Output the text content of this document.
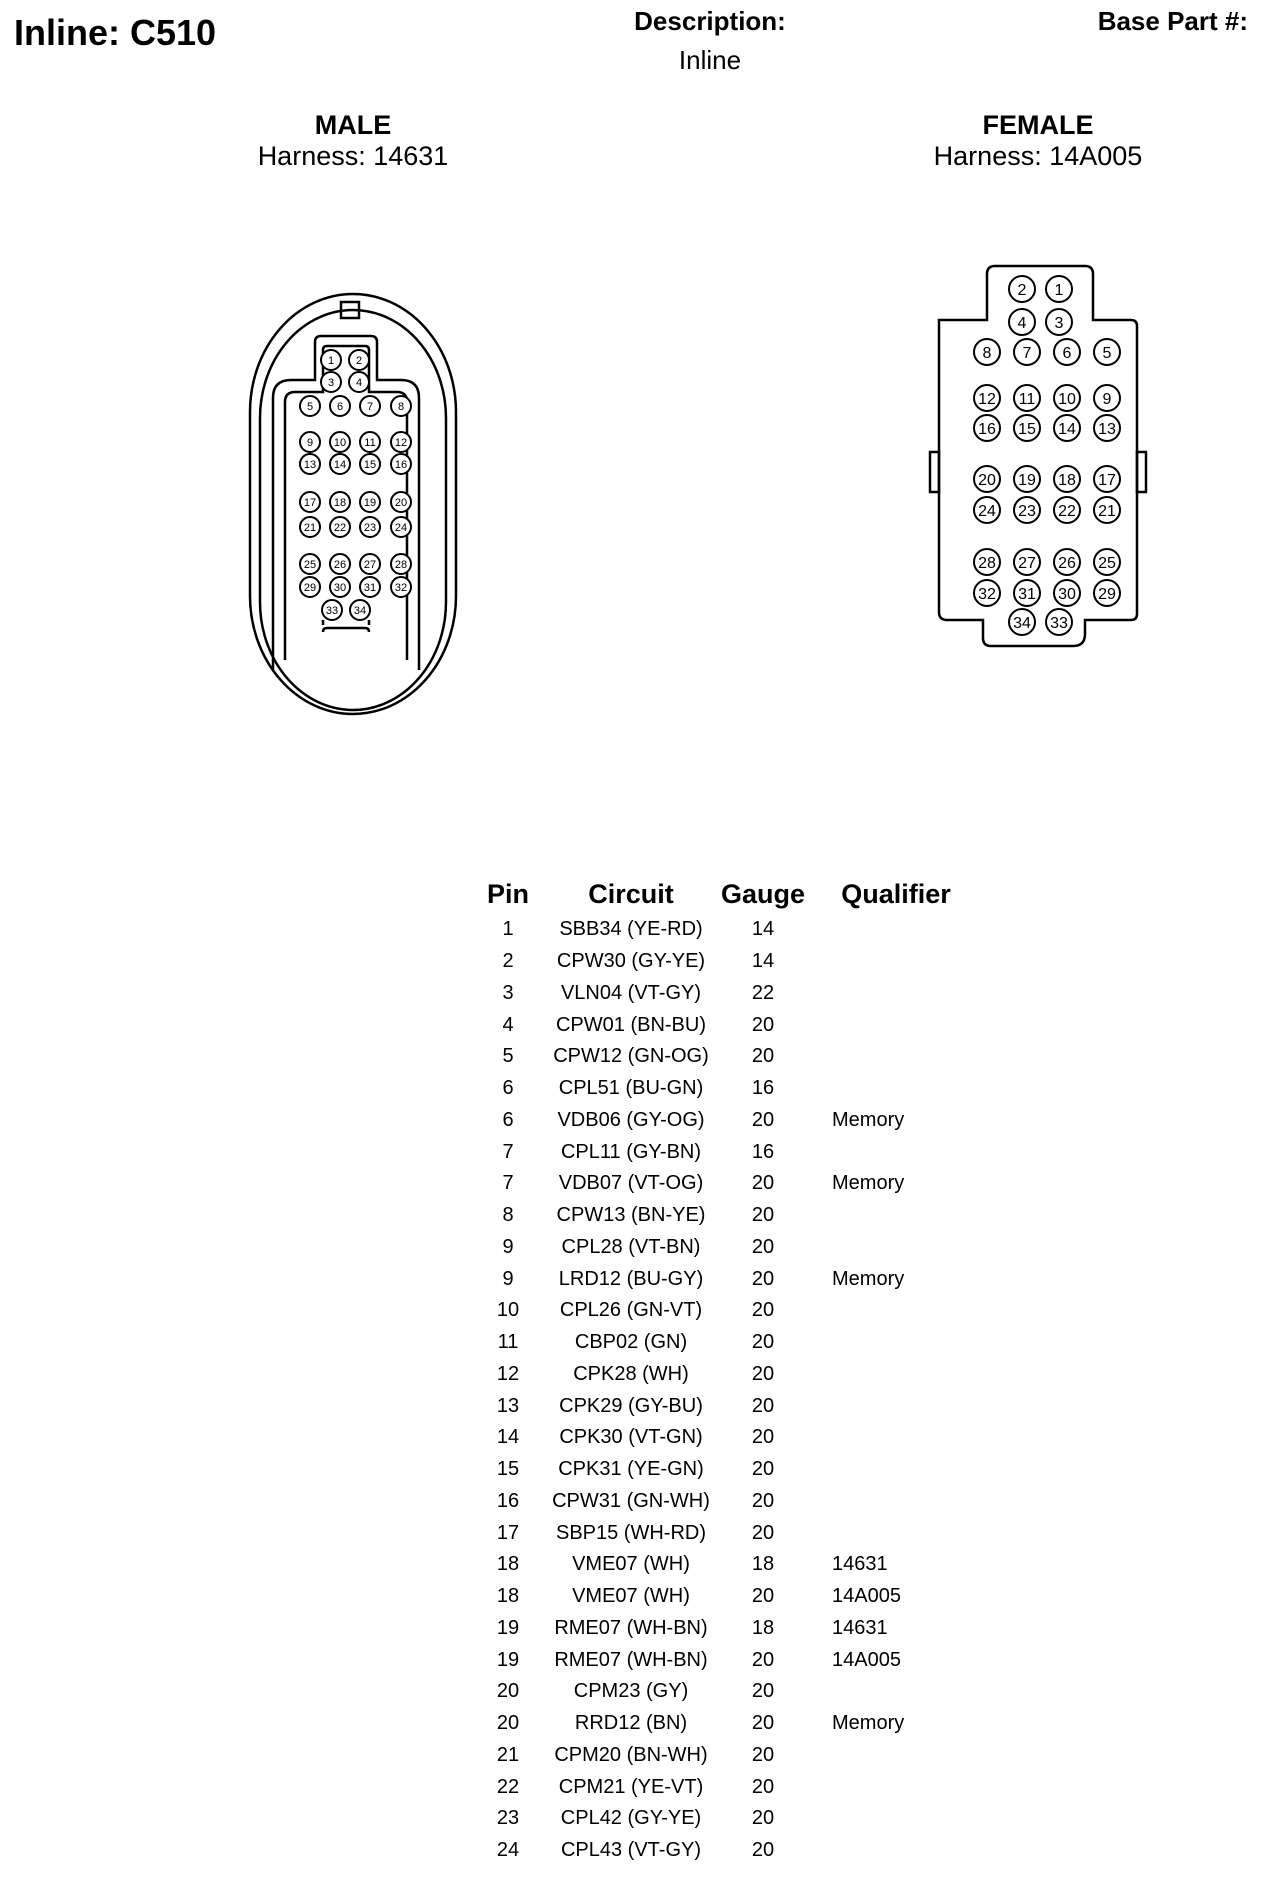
Inline: C510	Description:
Inline
Base Part #:
MALE
Harness: 14631
FEMALE
Harness: 14A005
1 2
3 4
5 6 7 8
9 10 11 12
13 14 15 16
17 18 19 20
21 22 23 24
25 26 27 28
29 30 31 32
33 34
1
2
3
4
5
6
7
8
9
10
11
12
13
14
15
16
17
18
19
20
21
22
23
24
25
26
27
28
29
30
31
32
33
34
Pin	Circuit	Gauge	Qualifier
1	SBB34 (YE-RD)	14	
2	CPW30 (GY-YE)	14	
3	VLN04 (VT-GY)	22	
4	CPW01 (BN-BU)	20	
5	CPW12 (GN-OG)	20	
6	CPL51 (BU-GN)	16	
6	VDB06 (GY-OG)	20	Memory
7	CPL11 (GY-BN)	16	
7	VDB07 (VT-OG)	20	Memory
8	CPW13 (BN-YE)	20	
9	CPL28 (VT-BN)	20	
9	LRD12 (BU-GY)	20	Memory
10	CPL26 (GN-VT)	20	
11	CBP02 (GN)	20	
12	CPK28 (WH)	20	
13	CPK29 (GY-BU)	20	
14	CPK30 (VT-GN)	20	
15	CPK31 (YE-GN)	20	
16	CPW31 (GN-WH)	20	
17	SBP15 (WH-RD)	20	
18	VME07 (WH)	18	14631
18	VME07 (WH)	20	14A005
19	RME07 (WH-BN)	18	14631
19	RME07 (WH-BN)	20	14A005
20	CPM23 (GY)	20	
20	RRD12 (BN)	20	Memory
21	CPM20 (BN-WH)	20	
22	CPM21 (YE-VT)	20	
23	CPL42 (GY-YE)	20	
24	CPL43 (VT-GY)	20	
